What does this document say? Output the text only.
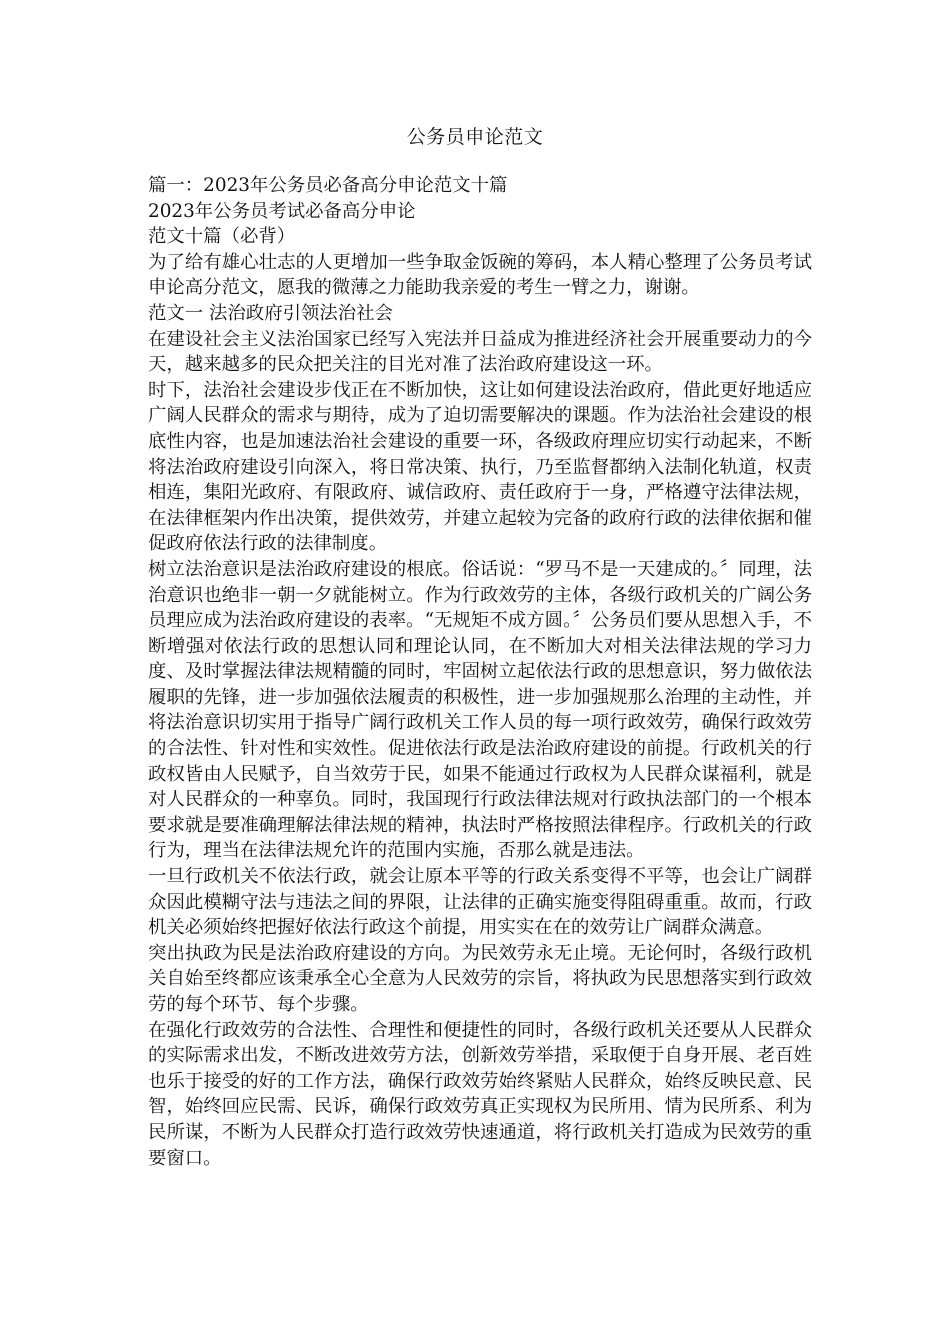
公务员申论范文

篇一：2023年公务员必备高分申论范文十篇

2023年公务员考试必备高分申论

范文十篇（必背）

为了给有雄心壮志的人更增加一些争取金饭碗的筹码，本人精心整理了公务员考试申论高分范文，愿我的微薄之力能助我亲爱的考生一臂之力，谢谢。

范文一 法治政府引领法治社会

在建设社会主义法治国家已经写入宪法并日益成为推进经济社会开展重要动力的今天，越来越多的民众把关注的目光对准了法治政府建设这一环。

时下，法治社会建设步伐正在不断加快，这让如何建设法治政府，借此更好地适应广阔人民群众的需求与期待，成为了迫切需要解决的课题。作为法治社会建设的根底性内容，也是加速法治社会建设的重要一环，各级政府理应切实行动起来，不断将法治政府建设引向深入，将日常决策、执行，乃至监督都纳入法制化轨道，权责相连，集阳光政府、有限政府、诚信政府、责任政府于一身，严格遵守法律法规，在法律框架内作出决策，提供效劳，并建立起较为完备的政府行政的法律依据和催促政府依法行政的法律制度。

树立法治意识是法治政府建设的根底。俗话说：“罗马不是一天建成的。〞同理，法治意识也绝非一朝一夕就能树立。作为行政效劳的主体，各级行政机关的广阔公务员理应成为法治政府建设的表率。“无规矩不成方圆。〞公务员们要从思想入手，不断增强对依法行政的思想认同和理论认同，在不断加大对相关法律法规的学习力度、及时掌握法律法规精髓的同时，牢固树立起依法行政的思想意识，努力做依法履职的先锋，进一步加强依法履责的积极性，进一步加强规那么治理的主动性，并将法治意识切实用于指导广阔行政机关工作人员的每一项行政效劳，确保行政效劳的合法性、针对性和实效性。促进依法行政是法治政府建设的前提。行政机关的行政权皆由人民赋予，自当效劳于民，如果不能通过行政权为人民群众谋福利，就是对人民群众的一种辜负。同时，我国现行行政法律法规对行政执法部门的一个根本要求就是要准确理解法律法规的精神，执法时严格按照法律程序。行政机关的行政行为，理当在法律法规允许的范围内实施，否那么就是违法。

一旦行政机关不依法行政，就会让原本平等的行政关系变得不平等，也会让广阔群众因此模糊守法与违法之间的界限，让法律的正确实施变得阻碍重重。故而，行政机关必须始终把握好依法行政这个前提，用实实在在的效劳让广阔群众满意。

突出执政为民是法治政府建设的方向。为民效劳永无止境。无论何时，各级行政机关自始至终都应该秉承全心全意为人民效劳的宗旨，将执政为民思想落实到行政效劳的每个环节、每个步骤。

在强化行政效劳的合法性、合理性和便捷性的同时，各级行政机关还要从人民群众的实际需求出发，不断改进效劳方法，创新效劳举措，采取便于自身开展、老百姓也乐于接受的好的工作方法，确保行政效劳始终紧贴人民群众，始终反映民意、民智，始终回应民需、民诉，确保行政效劳真正实现权为民所用、情为民所系、利为民所谋，不断为人民群众打造行政效劳快速通道，将行政机关打造成为民效劳的重要窗口。
